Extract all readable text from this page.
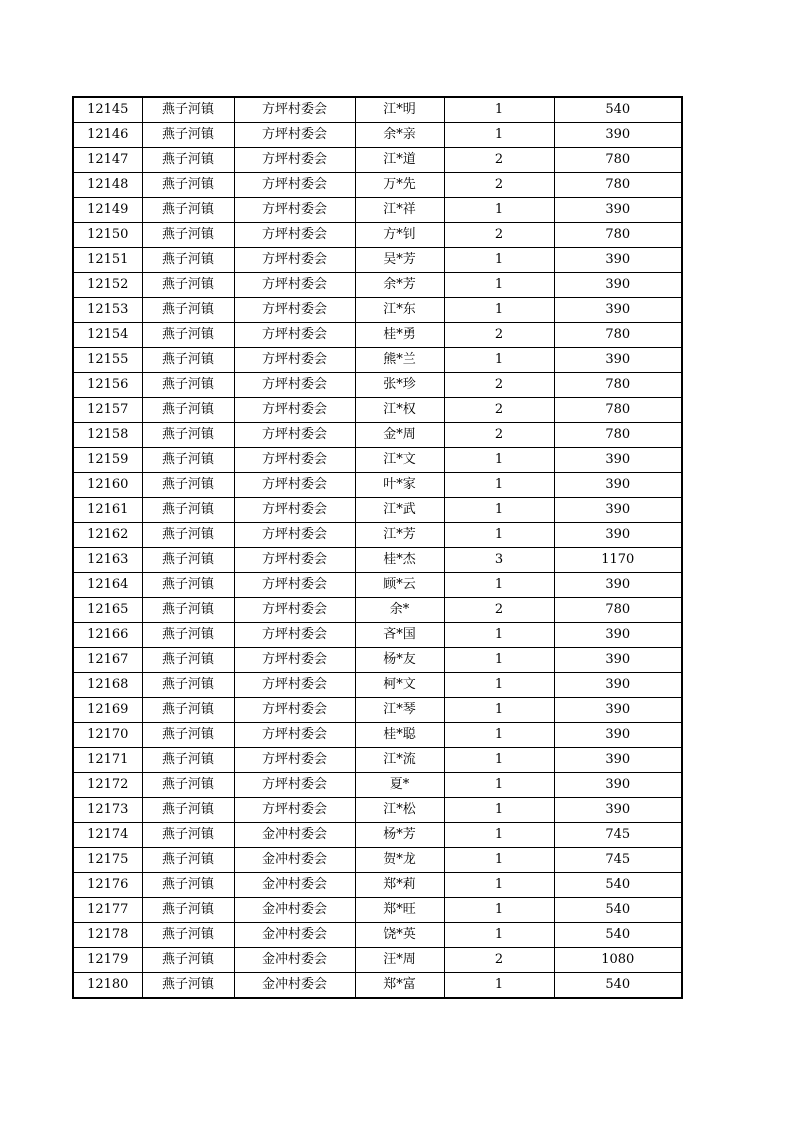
12145	燕子河镇	方坪村委会	江*明	1	540
12146	燕子河镇	方坪村委会	余*亲	1	390
12147	燕子河镇	方坪村委会	江*道	2	780
12148	燕子河镇	方坪村委会	万*先	2	780
12149	燕子河镇	方坪村委会	江*祥	1	390
12150	燕子河镇	方坪村委会	方*钊	2	780
12151	燕子河镇	方坪村委会	吴*芳	1	390
12152	燕子河镇	方坪村委会	余*芳	1	390
12153	燕子河镇	方坪村委会	江*东	1	390
12154	燕子河镇	方坪村委会	桂*勇	2	780
12155	燕子河镇	方坪村委会	熊*兰	1	390
12156	燕子河镇	方坪村委会	张*珍	2	780
12157	燕子河镇	方坪村委会	江*权	2	780
12158	燕子河镇	方坪村委会	金*周	2	780
12159	燕子河镇	方坪村委会	江*文	1	390
12160	燕子河镇	方坪村委会	叶*家	1	390
12161	燕子河镇	方坪村委会	江*武	1	390
12162	燕子河镇	方坪村委会	江*芳	1	390
12163	燕子河镇	方坪村委会	桂*杰	3	1170
12164	燕子河镇	方坪村委会	顾*云	1	390
12165	燕子河镇	方坪村委会	余*	2	780
12166	燕子河镇	方坪村委会	吝*国	1	390
12167	燕子河镇	方坪村委会	杨*友	1	390
12168	燕子河镇	方坪村委会	柯*文	1	390
12169	燕子河镇	方坪村委会	江*琴	1	390
12170	燕子河镇	方坪村委会	桂*聪	1	390
12171	燕子河镇	方坪村委会	江*流	1	390
12172	燕子河镇	方坪村委会	夏*	1	390
12173	燕子河镇	方坪村委会	江*松	1	390
12174	燕子河镇	金冲村委会	杨*芳	1	745
12175	燕子河镇	金冲村委会	贺*龙	1	745
12176	燕子河镇	金冲村委会	郑*莉	1	540
12177	燕子河镇	金冲村委会	郑*旺	1	540
12178	燕子河镇	金冲村委会	饶*英	1	540
12179	燕子河镇	金冲村委会	汪*周	2	1080
12180	燕子河镇	金冲村委会	郑*富	1	540
